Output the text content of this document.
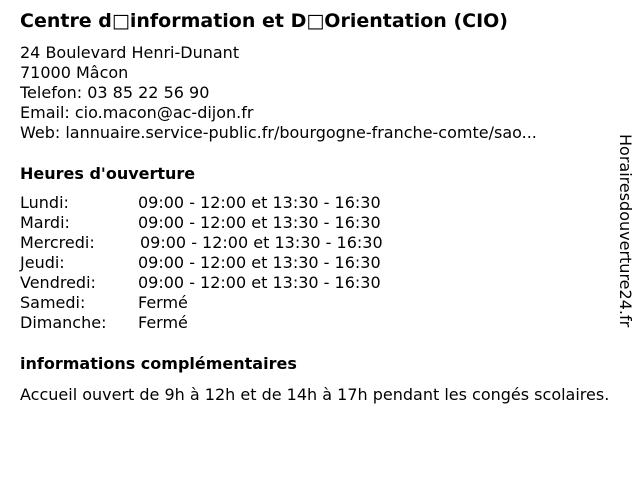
Centre d□information et D□Orientation (CIO)
24 Boulevard Henri-Dunant
71000 Mâcon
Telefon: 03 85 22 56 90
Email: cio.macon@ac-dijon.fr
Web: lannuaire.service-public.fr/bourgogne-franche-comte/sao...
Heures d'ouverture
Lundi:	09:00 - 12:00 et 13:30 - 16:30
Mardi:	09:00 - 12:00 et 13:30 - 16:30
Mercredi:	09:00 - 12:00 et 13:30 - 16:30
Jeudi:	09:00 - 12:00 et 13:30 - 16:30
Vendredi:	09:00 - 12:00 et 13:30 - 16:30
Samedi:	Fermé
Dimanche: Fermé
informations complémentaires
Accueil ouvert de 9h à 12h et de 14h à 17h pendant les congés scolaires.
Horairesdouverture24.fr
